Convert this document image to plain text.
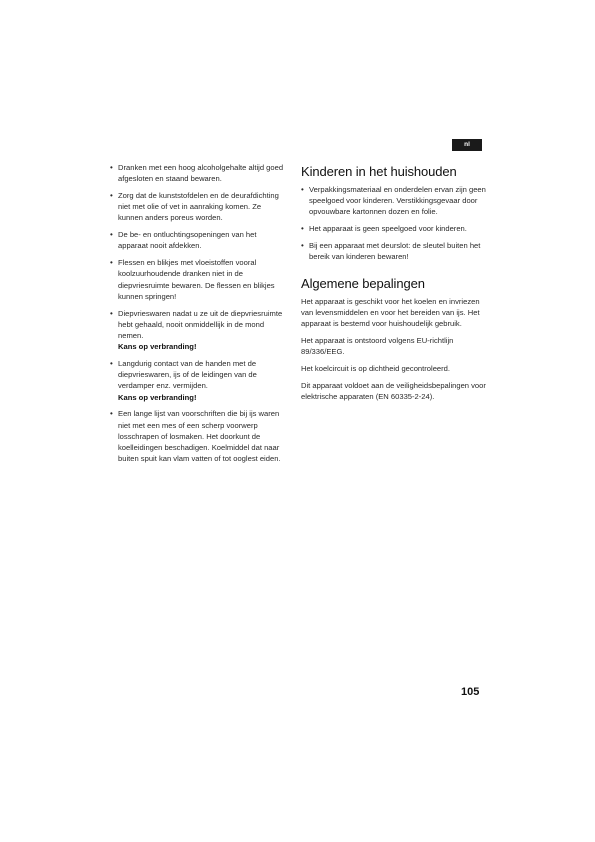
nl
• Dranken met een hoog alcoholgehalte altijd goed afgesloten en staand bewaren.
• Zorg dat de kunststofdelen en de deurafdichting niet met olie of vet in aanraking komen. Ze kunnen anders poreus worden.
• De be- en ontluchtingsopeningen van het apparaat nooit afdekken.
• Flessen en blikjes met vloeistoffen vooral koolzuurhoudende dranken niet in de diepvriesruimte bewaren. De flessen en blikjes kunnen springen!
• Diepvrieswaren nadat u ze uit de diepvriesruimte hebt gehaald, nooit onmiddellijk in de mond nemen.
Kans op verbranding!
• Langdurig contact van de handen met de diepvrieswaren, ijs of de leidingen van de verdamper enz. vermijden.
Kans op verbranding!
• Een lange lijst van voorschriften die bij ijs waren niet met een mes of een scherp voorwerp losschrapen of losmaken. Het doorkunt de koelleidingen beschadigen. Koelmiddel dat naar buiten spuit kan vlam vatten of tot ooglest eiden.
Kinderen in het huishouden
• Verpakkingsmateriaal en onderdelen ervan zijn geen speelgoed voor kinderen. Verstikkingsgevaar door opvouwbare kartonnen dozen en folie.
• Het apparaat is geen speelgoed voor kinderen.
• Bij een apparaat met deurslot: de sleutel buiten het bereik van kinderen bewaren!
Algemene bepalingen

Het apparaat is geschikt voor het koelen en invriezen van levensmiddelen en voor het bereiden van ijs. Het apparaat is bestemd voor huishoudelijk gebruik.

Het apparaat is ontstoord volgens EU-richtlijn 89/336/EEG.

Het koelcircuit is op dichtheid gecontroleerd.

Dit apparaat voldoet aan de veiligheidsbepalingen voor elektrische apparaten (EN 60335-2-24).

105
